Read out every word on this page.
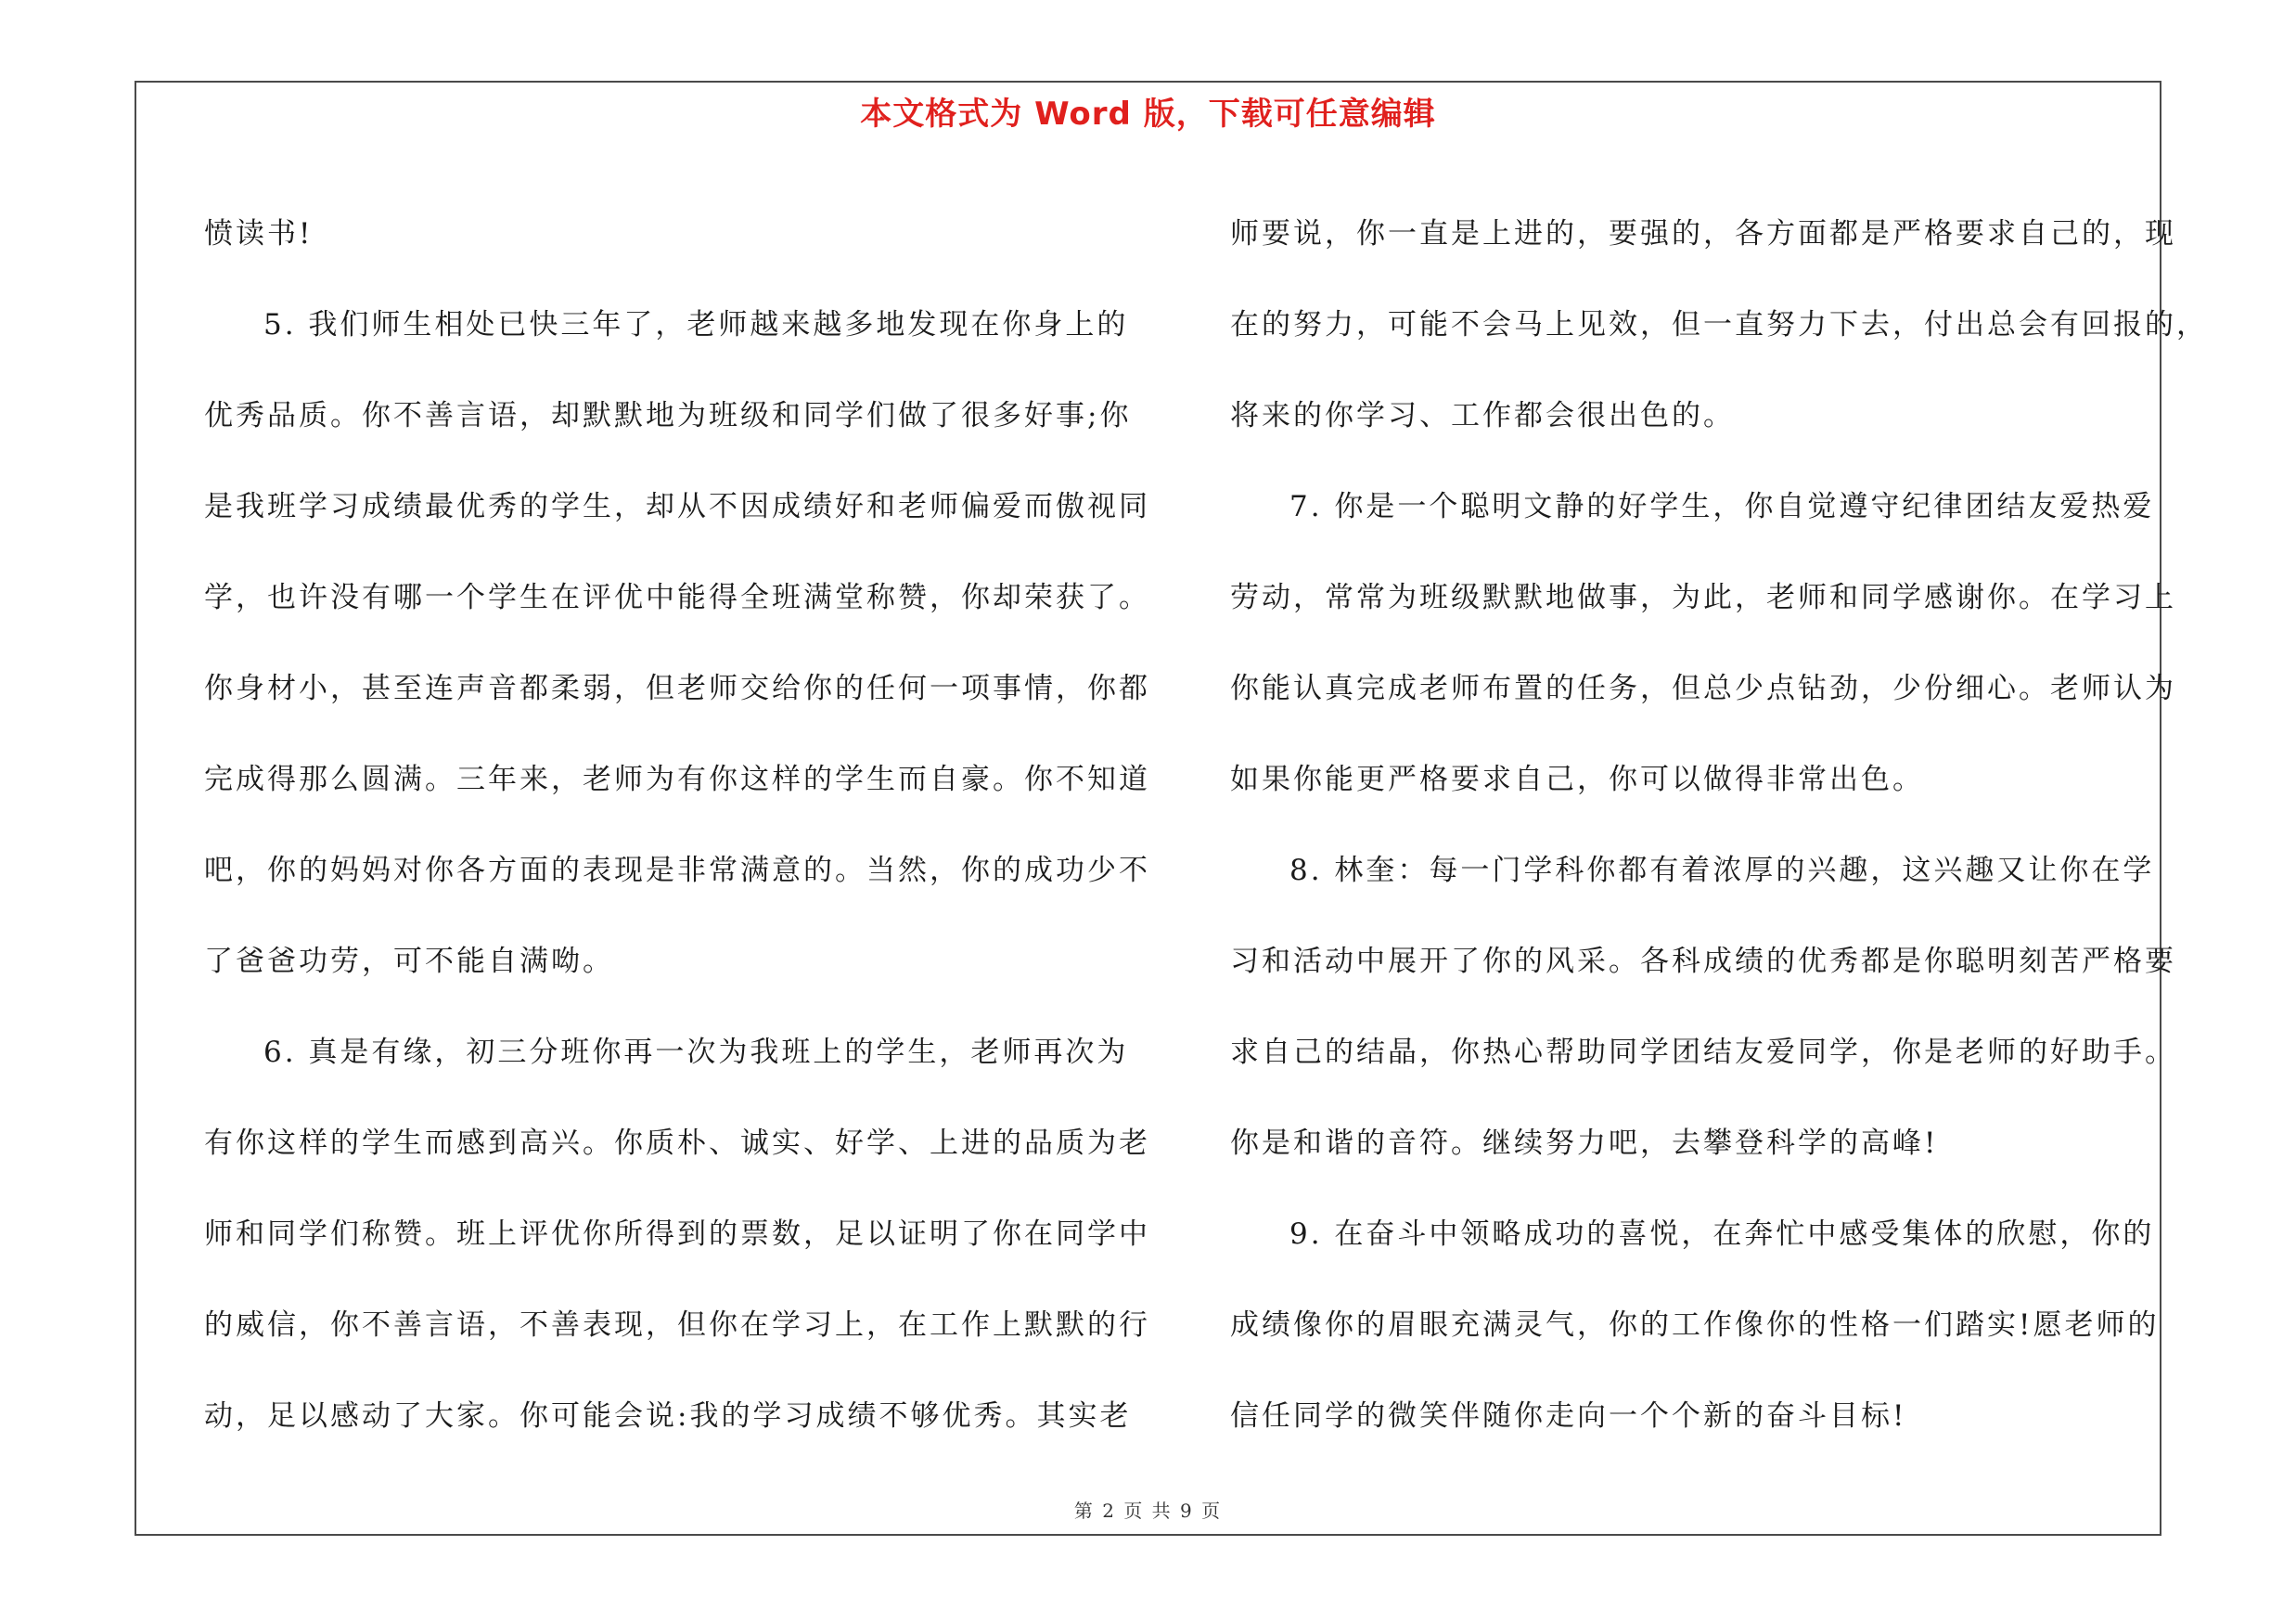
本文格式为 Word 版，下载可任意编辑
愤读书!
5. 我们师生相处已快三年了，老师越来越多地发现在你身上的
优秀品质。你不善言语，却默默地为班级和同学们做了很多好事;你
是我班学习成绩最优秀的学生，却从不因成绩好和老师偏爱而傲视同
学，也许没有哪一个学生在评优中能得全班满堂称赞，你却荣获了。
你身材小，甚至连声音都柔弱，但老师交给你的任何一项事情，你都
完成得那么圆满。三年来，老师为有你这样的学生而自豪。你不知道
吧，你的妈妈对你各方面的表现是非常满意的。当然，你的成功少不
了爸爸功劳，可不能自满呦。
6. 真是有缘，初三分班你再一次为我班上的学生，老师再次为
有你这样的学生而感到高兴。你质朴、诚实、好学、上进的品质为老
师和同学们称赞。班上评优你所得到的票数，足以证明了你在同学中
的威信，你不善言语，不善表现，但你在学习上，在工作上默默的行
动，足以感动了大家。你可能会说:我的学习成绩不够优秀。其实老
师要说，你一直是上进的，要强的，各方面都是严格要求自己的，现
在的努力，可能不会马上见效，但一直努力下去，付出总会有回报的，
将来的你学习、工作都会很出色的。
7. 你是一个聪明文静的好学生，你自觉遵守纪律团结友爱热爱
劳动，常常为班级默默地做事，为此，老师和同学感谢你。在学习上
你能认真完成老师布置的任务，但总少点钻劲，少份细心。老师认为
如果你能更严格要求自己，你可以做得非常出色。
8. 林奎：每一门学科你都有着浓厚的兴趣，这兴趣又让你在学
习和活动中展开了你的风采。各科成绩的优秀都是你聪明刻苦严格要
求自己的结晶，你热心帮助同学团结友爱同学，你是老师的好助手。
你是和谐的音符。继续努力吧，去攀登科学的高峰!
9. 在奋斗中领略成功的喜悦，在奔忙中感受集体的欣慰，你的
成绩像你的眉眼充满灵气，你的工作像你的性格一们踏实!愿老师的
信任同学的微笑伴随你走向一个个新的奋斗目标!
第 2 页 共 9 页
